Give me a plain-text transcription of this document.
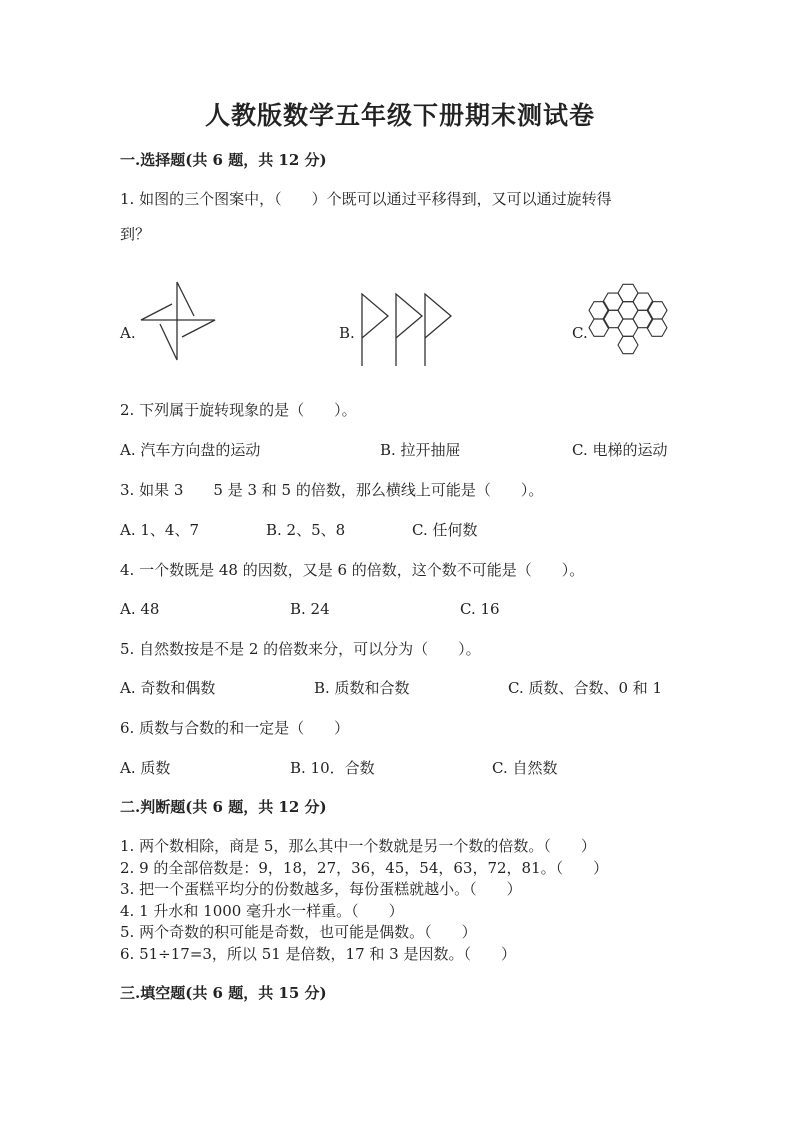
人教版数学五年级下册期末测试卷
一.选择题(共 6 题，共 12 分)
1. 如图的三个图案中，（　　）个既可以通过平移得到，又可以通过旋转得
到？
A.	B.	C.
2. 下列属于旋转现象的是（　　）。
A. 汽车方向盘的运动	B. 拉开抽屉	C. 电梯的运动
3. 如果 3　　5 是 3 和 5 的倍数，那么横线上可能是（　　）。
A. 1、4、7	B. 2、5、8	C. 任何数
4. 一个数既是 48 的因数，又是 6 的倍数，这个数不可能是（　　）。
A. 48	B. 24	C. 16
5. 自然数按是不是 2 的倍数来分，可以分为（　　）。
A. 奇数和偶数	B. 质数和合数	C. 质数、合数、0 和 1
6. 质数与合数的和一定是（　　）
A. 质数	B. 10．合数	C. 自然数
二.判断题(共 6 题，共 12 分)
1. 两个数相除，商是 5，那么其中一个数就是另一个数的倍数。（　　）
2. 9 的全部倍数是：9，18，27，36，45，54，63，72，81。（　　）
3. 把一个蛋糕平均分的份数越多，每份蛋糕就越小。（　　）
4. 1 升水和 1000 毫升水一样重。（　　）
5. 两个奇数的积可能是奇数，也可能是偶数。（　　）
6. 51÷17=3，所以 51 是倍数，17 和 3 是因数。（　　）
三.填空题(共 6 题，共 15 分)
